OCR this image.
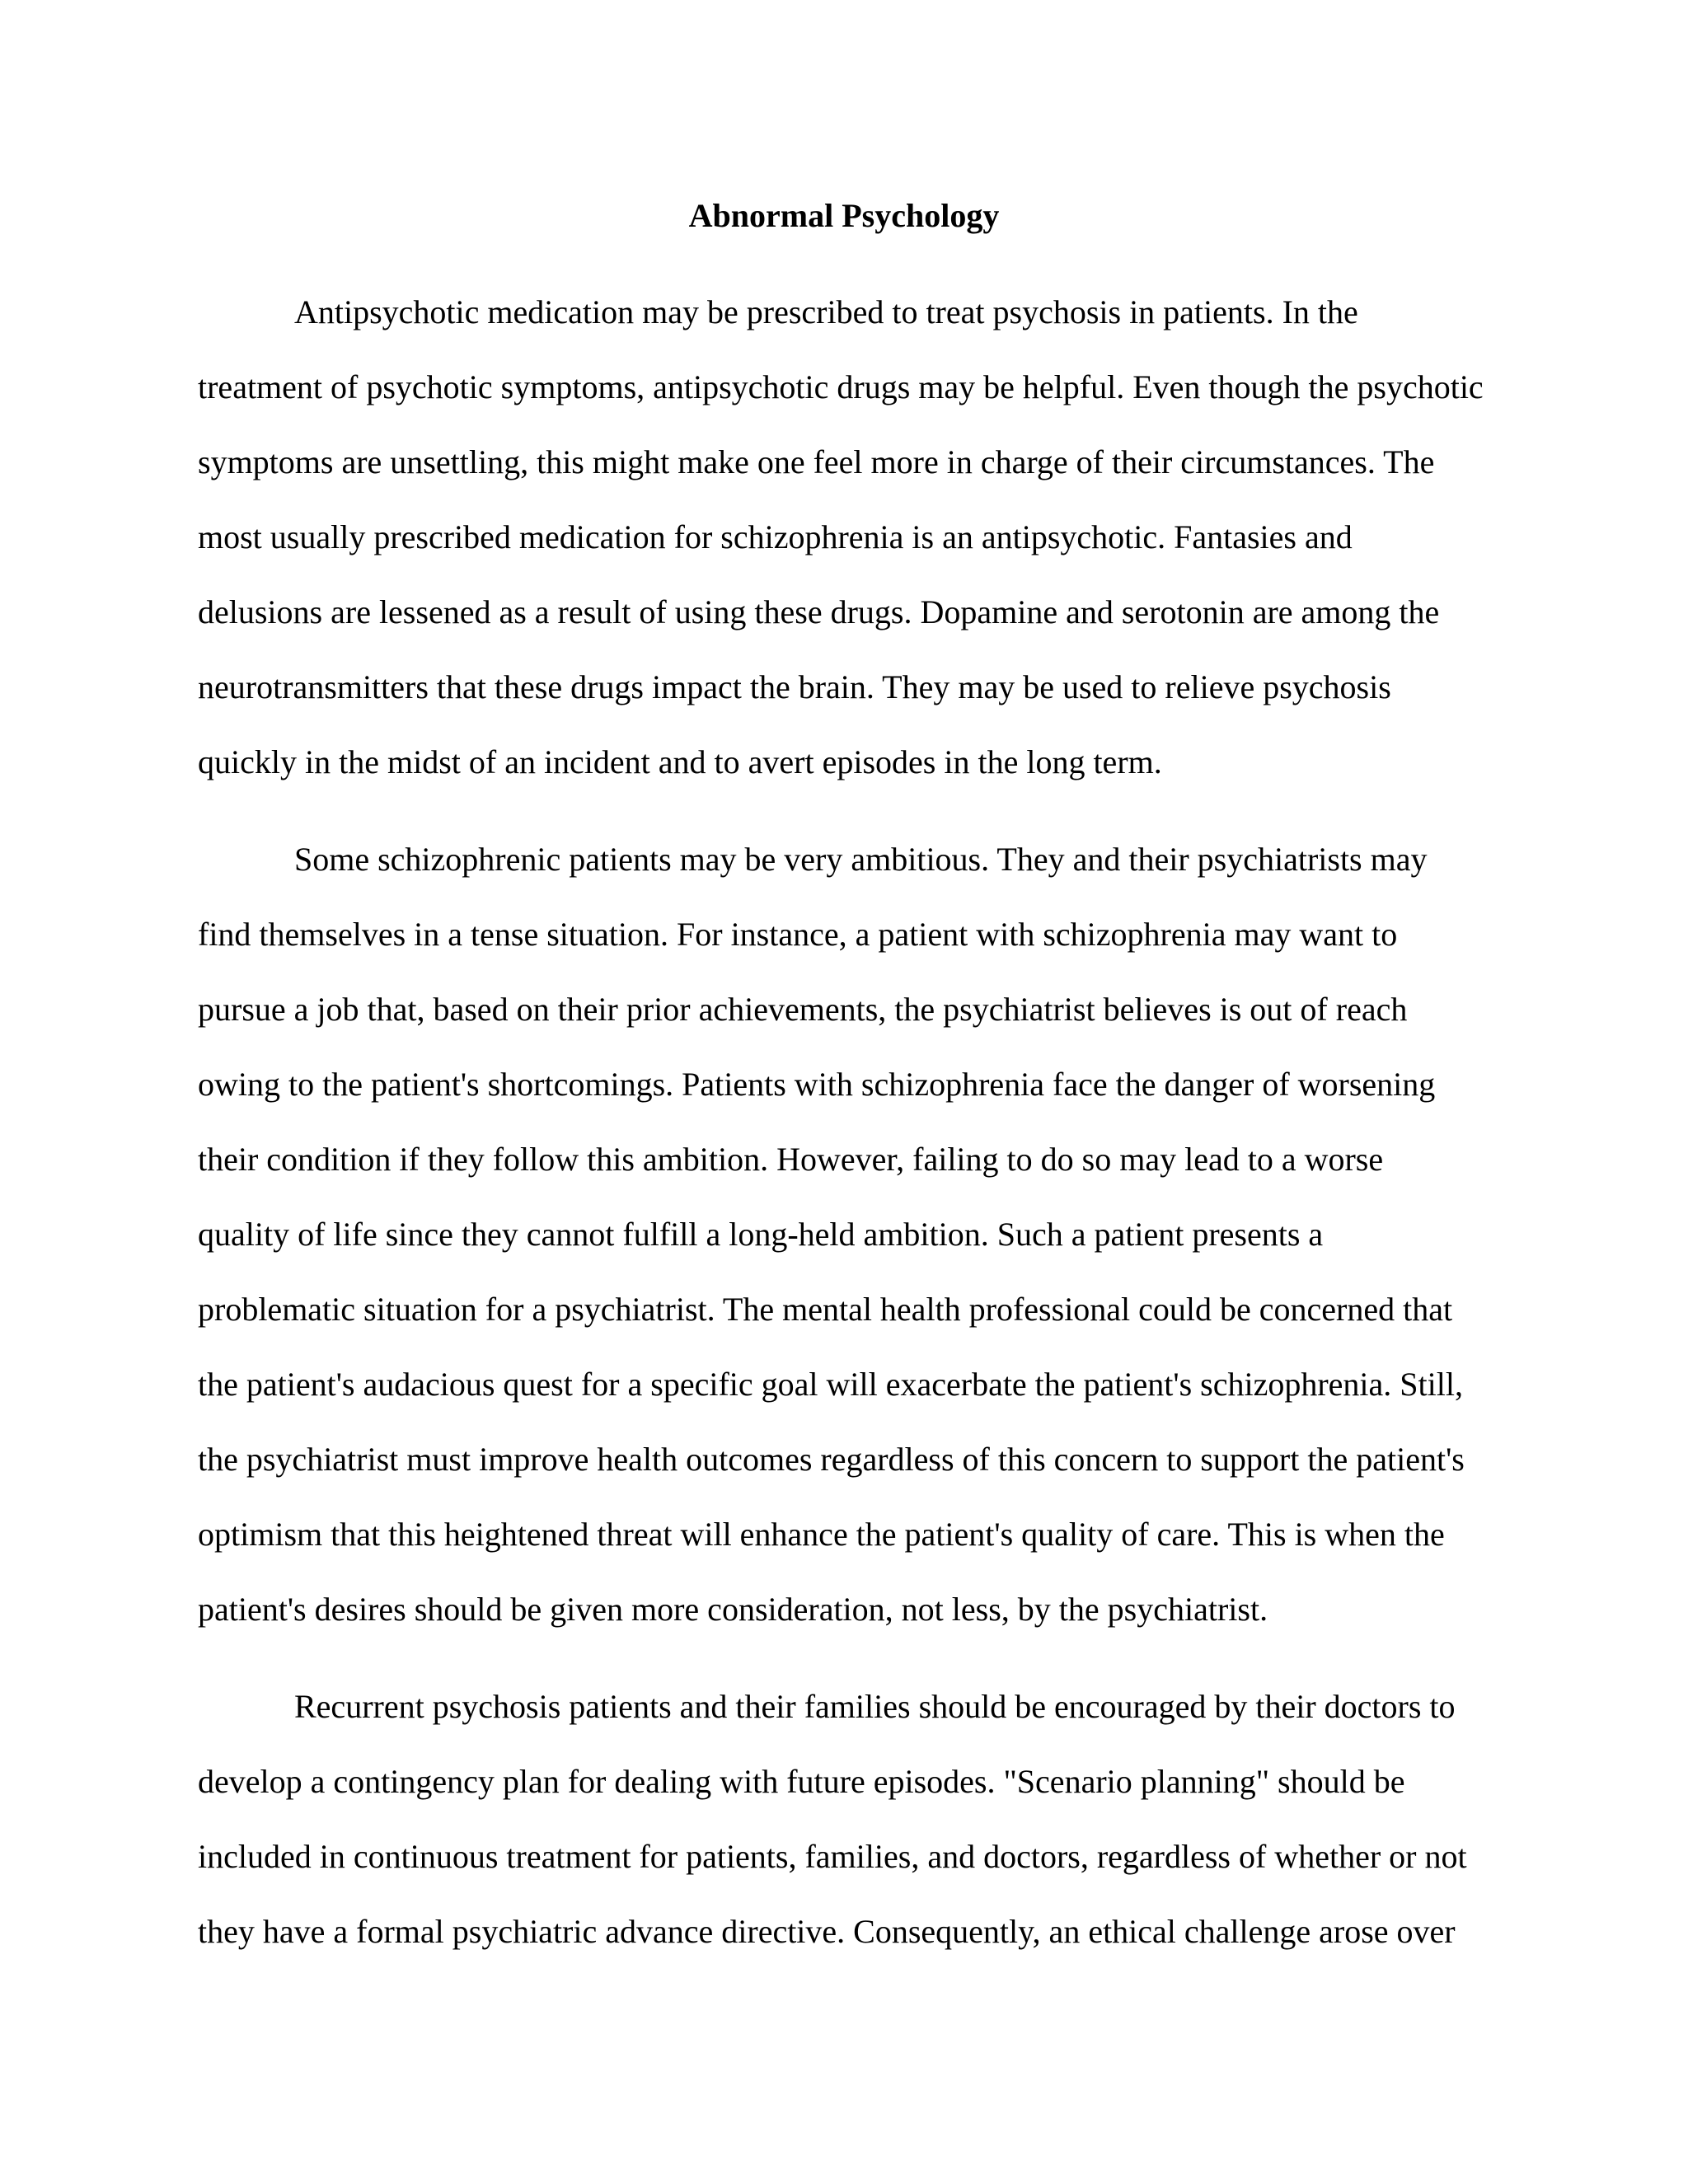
Abnormal Psychology

Antipsychotic medication may be prescribed to treat psychosis in patients. In the

treatment of psychotic symptoms, antipsychotic drugs may be helpful. Even though the psychotic

symptoms are unsettling, this might make one feel more in charge of their circumstances. The

most usually prescribed medication for schizophrenia is an antipsychotic. Fantasies and

delusions are lessened as a result of using these drugs. Dopamine and serotonin are among the

neurotransmitters that these drugs impact the brain. They may be used to relieve psychosis

quickly in the midst of an incident and to avert episodes in the long term.

Some schizophrenic patients may be very ambitious. They and their psychiatrists may

find themselves in a tense situation. For instance, a patient with schizophrenia may want to

pursue a job that, based on their prior achievements, the psychiatrist believes is out of reach

owing to the patient's shortcomings. Patients with schizophrenia face the danger of worsening

their condition if they follow this ambition. However, failing to do so may lead to a worse

quality of life since they cannot fulfill a long-held ambition. Such a patient presents a

problematic situation for a psychiatrist. The mental health professional could be concerned that

the patient's audacious quest for a specific goal will exacerbate the patient's schizophrenia. Still,

the psychiatrist must improve health outcomes regardless of this concern to support the patient's

optimism that this heightened threat will enhance the patient's quality of care. This is when the

patient's desires should be given more consideration, not less, by the psychiatrist.

Recurrent psychosis patients and their families should be encouraged by their doctors to

develop a contingency plan for dealing with future episodes. "Scenario planning" should be

included in continuous treatment for patients, families, and doctors, regardless of whether or not

they have a formal psychiatric advance directive. Consequently, an ethical challenge arose over
